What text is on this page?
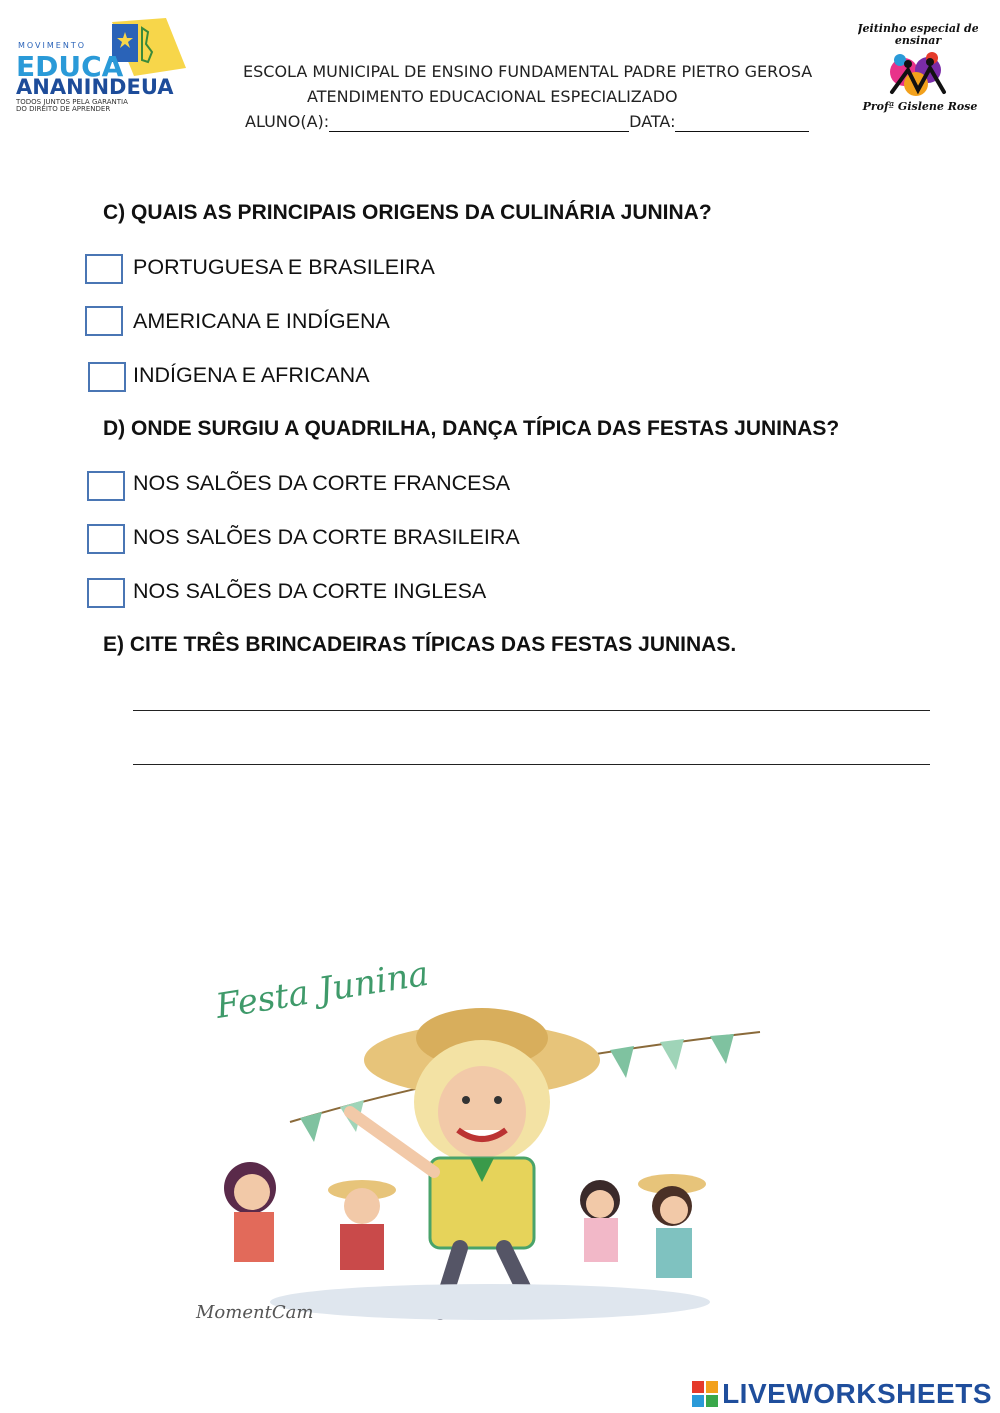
MOVIMENTO
EDUCA
ANANINDEUA
TODOS JUNTOS PELA GARANTIA
DO DIREITO DE APRENDER
ESCOLA MUNICIPAL DE ENSINO FUNDAMENTAL PADRE PIETRO GEROSA
ATENDIMENTO EDUCACIONAL ESPECIALIZADO
ALUNO(A):	DATA:
Jeitinho especial de
ensinar
Profª Gislene Rose
C) QUAIS AS PRINCIPAIS ORIGENS DA CULINÁRIA JUNINA?
PORTUGUESA E BRASILEIRA
AMERICANA E INDÍGENA
INDÍGENA E AFRICANA
D) ONDE SURGIU A QUADRILHA, DANÇA TÍPICA DAS FESTAS JUNINAS?
NOS SALÕES DA CORTE FRANCESA
NOS SALÕES DA CORTE BRASILEIRA
NOS SALÕES DA CORTE INGLESA
E) CITE TRÊS BRINCADEIRAS TÍPICAS DAS FESTAS JUNINAS.
Festa Junina
MomentCam
LIVEWORKSHEETS
